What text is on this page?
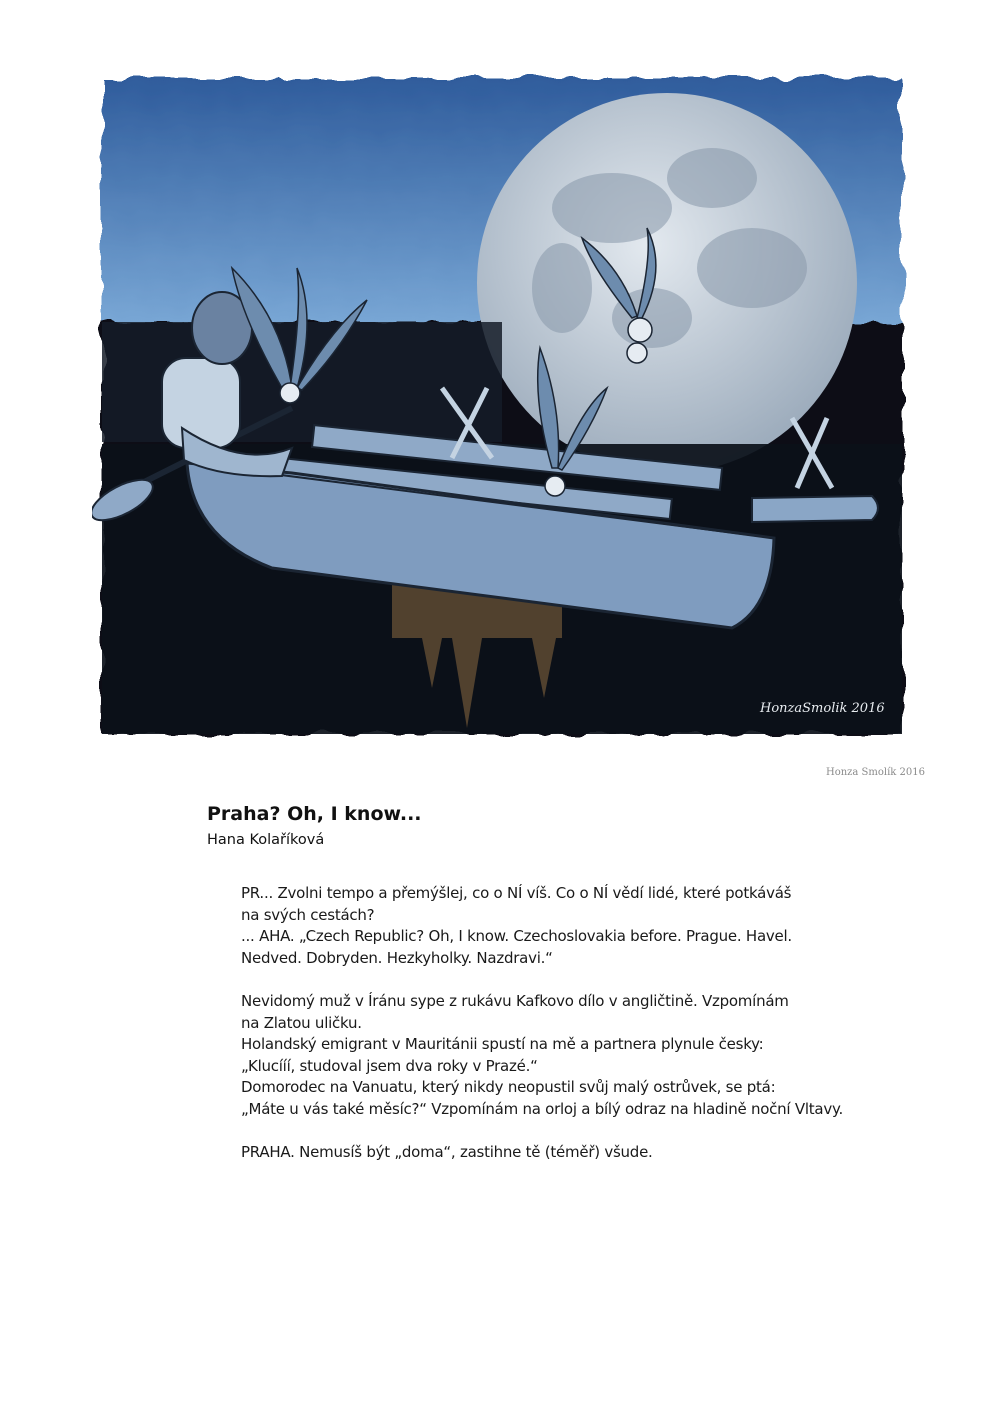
HonzaSmolik 2016
Honza Smolík 2016
Praha? Oh, I know...
Hana Kolaříková
PR... Zvolni tempo a přemýšlej, co o NÍ víš. Co o NÍ vědí lidé, které potkáváš
na svých cestách?
... AHA. „Czech Republic? Oh, I know. Czechoslovakia before. Prague. Havel.
Nedved. Dobryden. Hezkyholky. Nazdravi.“
Nevidomý muž v Íránu sype z rukávu Kafkovo dílo v angličtině. Vzpomínám
na Zlatou uličku.
Holandský emigrant v Mauritánii spustí na mě a partnera plynule česky:
„Klucííí, studoval jsem dva roky v Prazé.“
Domorodec na Vanuatu, který nikdy neopustil svůj malý ostrůvek, se ptá:
„Máte u vás také měsíc?“ Vzpomínám na orloj a bílý odraz na hladině noční Vltavy.
PRAHA. Nemusíš být „doma“, zastihne tě (téměř) všude.
